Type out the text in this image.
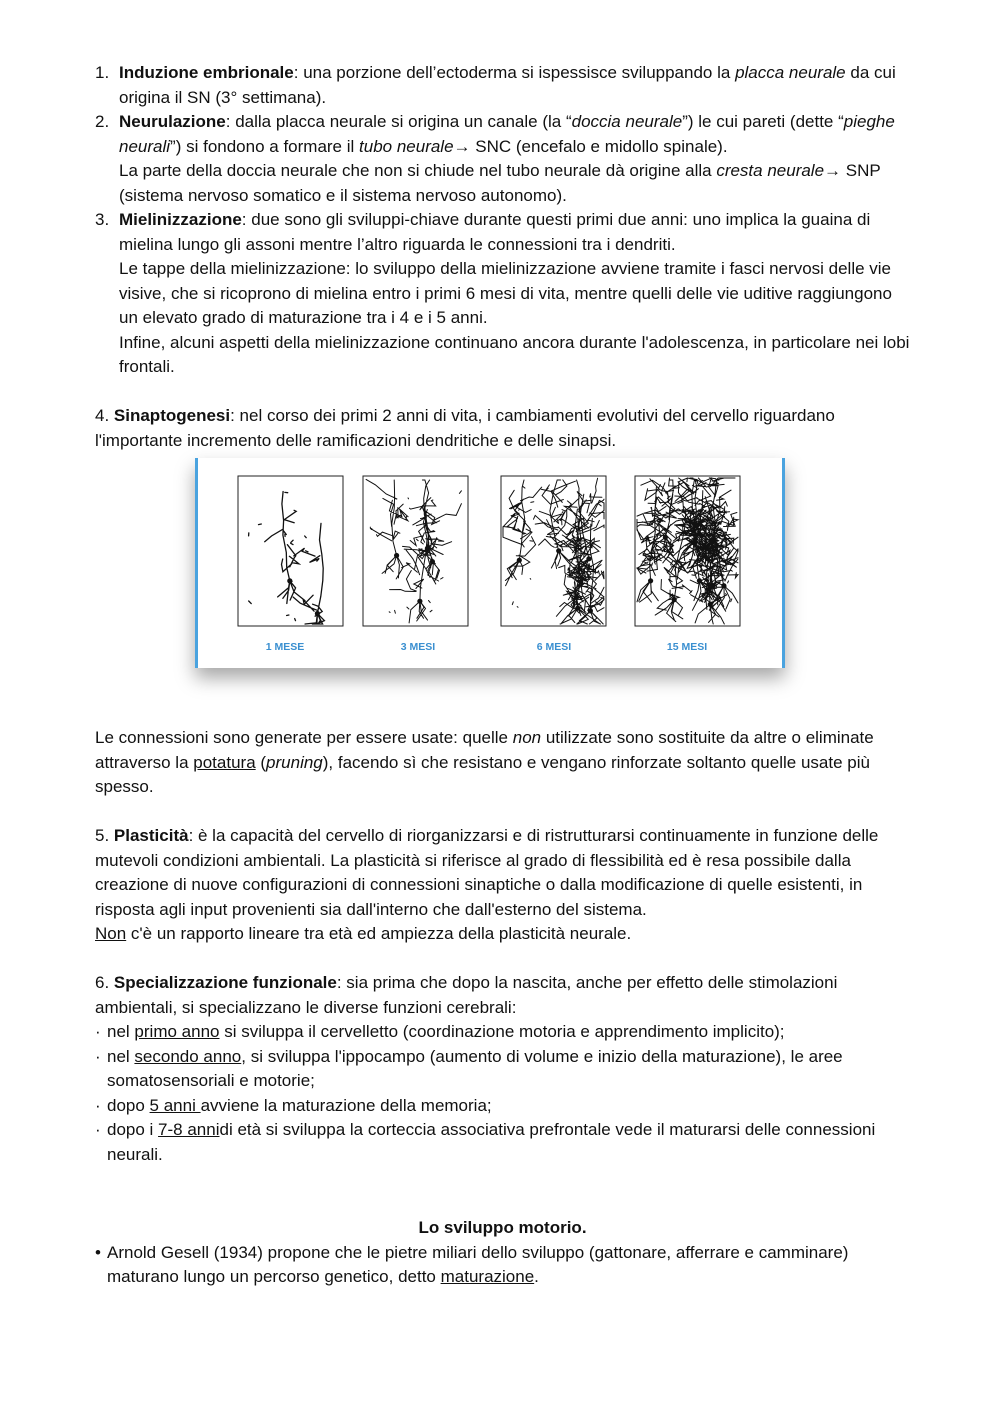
1. Induzione embrionale: una porzione dell’ectoderma si ispessisce sviluppando la placca neurale da cui origina il SN (3° settimana).
2. Neurulazione: dalla placca neurale si origina un canale (la “doccia neurale”) le cui pareti (dette “pieghe neurali”) si fondono a formare il tubo neurale→ SNC (encefalo e midollo spinale).
La parte della doccia neurale che non si chiude nel tubo neurale dà origine alla cresta neurale→ SNP (sistema nervoso somatico e il sistema nervoso autonomo).
3. Mielinizzazione: due sono gli sviluppi-chiave durante questi primi due anni: uno implica la guaina di mielina lungo gli assoni mentre l’altro riguarda le connessioni tra i dendriti.
Le tappe della mielinizzazione: lo sviluppo della mielinizzazione avviene tramite i fasci nervosi delle vie visive, che si ricoprono di mielina entro i primi 6 mesi di vita, mentre quelli delle vie uditive raggiungono un elevato grado di maturazione tra i 4 e i 5 anni.
Infine, alcuni aspetti della mielinizzazione continuano ancora durante l'adolescenza, in particolare nei lobi frontali.
4. Sinaptogenesi: nel corso dei primi 2 anni di vita, i cambiamenti evolutivi del cervello riguardano l'importante incremento delle ramificazioni dendritiche e delle sinapsi.
1 MESE	3 MESI	6 MESI	15 MESI
Le connessioni sono generate per essere usate: quelle non utilizzate sono sostituite da altre o eliminate attraverso la potatura (pruning), facendo sì che resistano e vengano rinforzate soltanto quelle usate più spesso.
5. Plasticità: è la capacità del cervello di riorganizzarsi e di ristrutturarsi continuamente in funzione delle mutevoli condizioni ambientali. La plasticità si riferisce al grado di flessibilità ed è resa possibile dalla creazione di nuove configurazioni di connessioni sinaptiche o dalla modificazione di quelle esistenti, in risposta agli input provenienti sia dall'interno che dall'esterno del sistema.
Non c'è un rapporto lineare tra età ed ampiezza della plasticità neurale.
6. Specializzazione funzionale: sia prima che dopo la nascita, anche per effetto delle stimolazioni ambientali, si specializzano le diverse funzioni cerebrali:
· nel primo anno si sviluppa il cervelletto (coordinazione motoria e apprendimento implicito);
· nel secondo anno, si sviluppa l'ippocampo (aumento di volume e inizio della maturazione), le aree somatosensoriali e motorie;
· dopo 5 anni avviene la maturazione della memoria;
· dopo i 7-8 annidi età si sviluppa la corteccia associativa prefrontale vede il maturarsi delle connessioni neurali.
Lo sviluppo motorio.
• Arnold Gesell (1934) propone che le pietre miliari dello sviluppo (gattonare, afferrare e camminare) maturano lungo un percorso genetico, detto maturazione.
